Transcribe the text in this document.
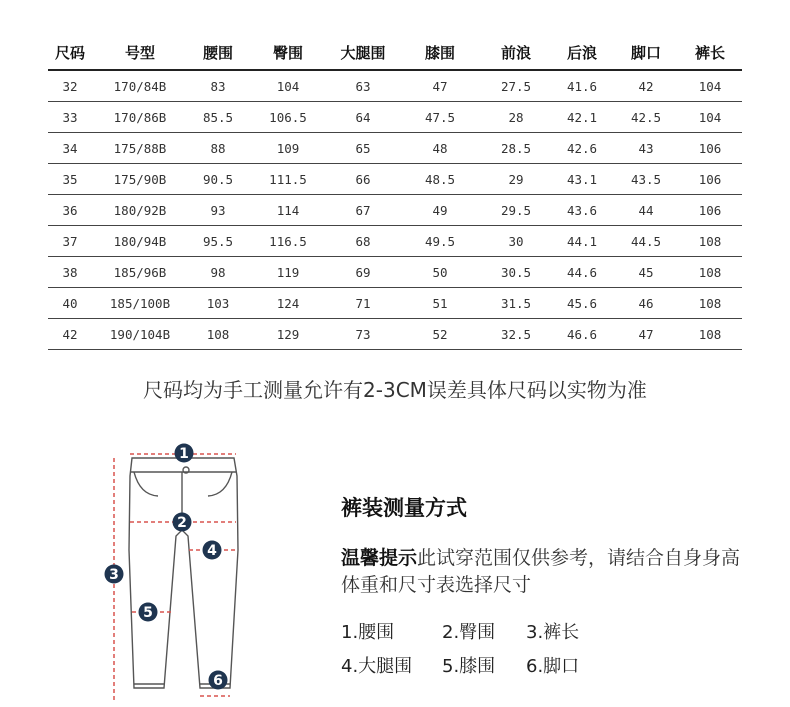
尺码	号型	腰围	臀围	大腿围	膝围	前浪	后浪	脚口	裤长
32	170/84B	83	104	63	47	27.5	41.6	42	104
33	170/86B	85.5	106.5	64	47.5	28	42.1	42.5	104
34	175/88B	88	109	65	48	28.5	42.6	43	106
35	175/90B	90.5	111.5	66	48.5	29	43.1	43.5	106
36	180/92B	93	114	67	49	29.5	43.6	44	106
37	180/94B	95.5	116.5	68	49.5	30	44.1	44.5	108
38	185/96B	98	119	69	50	30.5	44.6	45	108
40	185/100B	103	124	71	51	31.5	45.6	46	108
42	190/104B	108	129	73	52	32.5	46.6	47	108
尺码均为手工测量允许有2-3CM误差具体尺码以实物为准
1
2
3
4
5
6
裤装测量方式
温馨提示此试穿范围仅供参考，请结合自身身高体重和尺寸表选择尺寸
1.腰围	2.臀围	3.裤长
4.大腿围	5.膝围	6.脚口
